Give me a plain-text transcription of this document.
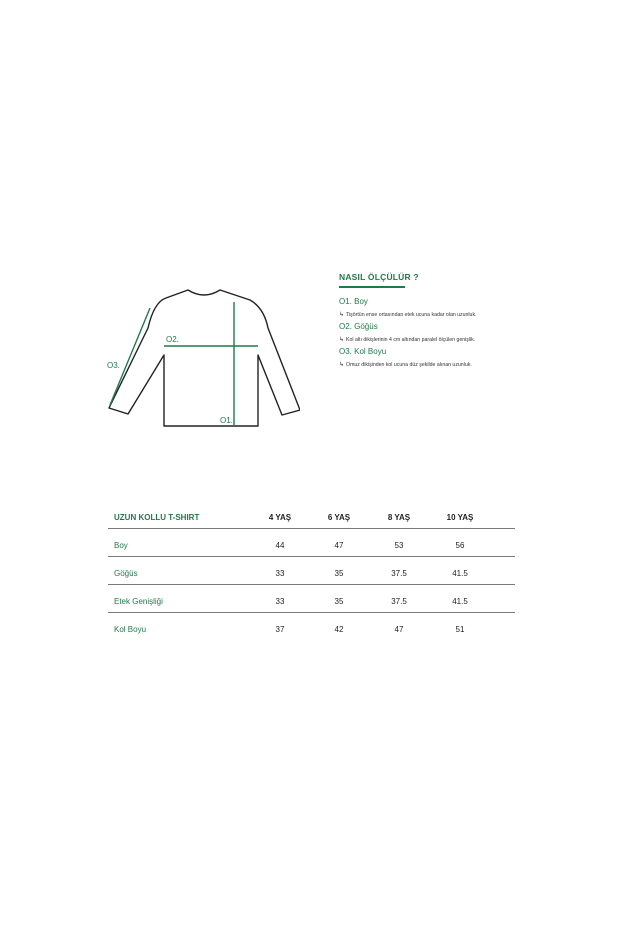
O1.
O2.
O3.
NASIL ÖLÇÜLÜR ?
O1. Boy
↳ Tişörtün ense ortasından etek ucuna kadar olan uzunluk.
O2. Göğüs
↳ Kol altı dikişlerinin 4 cm altından paralel ölçülen genişlik.
O3. Kol Boyu
↳ Omuz dikişinden kol ucuna düz şekilde alınan uzunluk.
UZUN KOLLU T-SHIRT	4 YAŞ	6 YAŞ	8 YAŞ	10 YAŞ
Boy	44	47	53	56
Göğüs	33	35	37.5	41.5
Etek Genişliği	33	35	37.5	41.5
Kol Boyu	37	42	47	51
